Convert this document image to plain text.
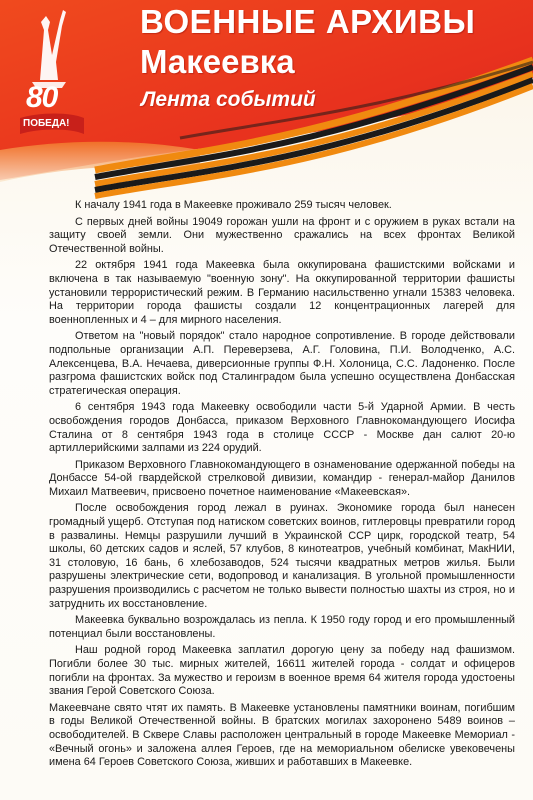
80
ПОБЕДА!
ВОЕННЫЕ АРХИВЫ
Макеевка
Лента событий

К началу 1941 года в Макеевке проживало 259 тысяч человек.

С первых дней войны 19049 горожан ушли на фронт и с оружием в руках встали на защиту своей земли. Они мужественно сражались на всех фронтах Великой Отечественной войны.

22 октября 1941 года Макеевка была оккупирована фашистскими войсками и включена в так называемую "военную зону". На оккупированной территории фашисты установили террористический режим. В Германию насильственно угнали 15383 человека. На территории города фашисты создали 12 концентрационных лагерей для военнопленных и 4 – для мирного населения.

Ответом на "новый порядок" стало народное сопротивление. В городе действовали подпольные организации А.П. Переверзева, А.Г. Головина, П.И. Володченко, А.С. Алексенцева, В.А. Нечаева, диверсионные группы Ф.Н. Холоница, С.С. Ладоненко. После разгрома фашистских войск под Сталинградом была успешно осуществлена Донбасская стратегическая операция.

6 сентября 1943 года Макеевку освободили части 5-й Ударной Армии. В честь освобождения городов Донбасса, приказом Верховного Главнокомандующего Иосифа Сталина от 8 сентября 1943 года в столице СССР - Москве дан салют 20-ю артиллерийскими залпами из 224 орудий.

Приказом Верховного Главнокомандующего в ознаменование одержанной победы на Донбассе 54-ой гвардейской стрелковой дивизии, командир - генерал-майор Данилов Михаил Матвеевич, присвоено почетное наименование «Макеевская».

После освобождения город лежал в руинах. Экономике города был нанесен громадный ущерб. Отступая под натиском советских воинов, гитлеровцы превратили город в развалины. Немцы разрушили лучший в Украинской ССР цирк, городской театр, 54 школы, 60 детских садов и яслей, 57 клубов, 8 кинотеатров, учебный комбинат, МакНИИ, 31 столовую, 16 бань, 6 хлебозаводов, 524 тысячи квадратных метров жилья. Были разрушены электрические сети, водопровод и канализация. В угольной промышленности разрушения производились с расчетом не только вывести полностью шахты из строя, но и затруднить их восстановление.

Макеевка буквально возрождалась из пепла. К 1950 году город и его промышленный потенциал были восстановлены.

Наш родной город Макеевка заплатил дорогую цену за победу над фашизмом. Погибли более 30 тыс. мирных жителей, 16611 жителей города - солдат и офицеров погибли на фронтах. За мужество и героизм в военное время 64 жителя города удостоены звания Герой Советского Союза.

Макеевчане свято чтят их память. В Макеевке установлены памятники воинам, погибшим в годы Великой Отечественной войны. В братских могилах захоронено 5489 воинов – освободителей. В Сквере Славы расположен центральный в городе Макеевке Мемориал - «Вечный огонь» и заложена аллея Героев, где на мемориальном обелиске увековечены имена 64 Героев Советского Союза, живших и работавших в Макеевке.
